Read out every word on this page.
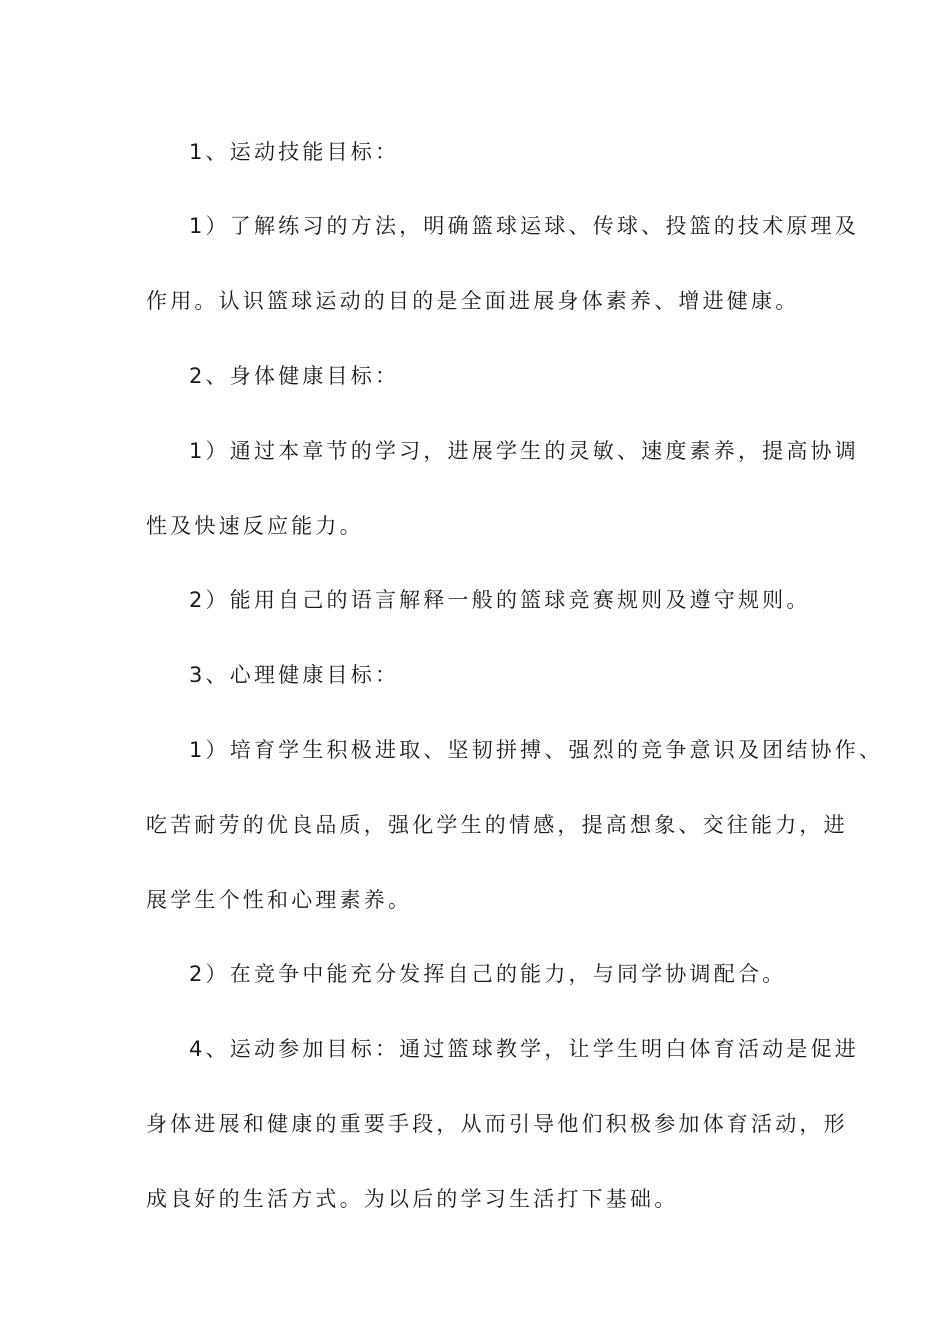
1、运动技能目标：
1）了解练习的方法，明确篮球运球、传球、投篮的技术原理及
作用。认识篮球运动的目的是全面进展身体素养、增进健康。
2、身体健康目标：
1）通过本章节的学习，进展学生的灵敏、速度素养，提高协调
性及快速反应能力。
2）能用自己的语言解释一般的篮球竞赛规则及遵守规则。
3、心理健康目标：
1）培育学生积极进取、坚韧拼搏、强烈的竞争意识及团结协作、
吃苦耐劳的优良品质，强化学生的情感，提高想象、交往能力，进
展学生个性和心理素养。
2）在竞争中能充分发挥自己的能力，与同学协调配合。
4、运动参加目标：通过篮球教学，让学生明白体育活动是促进
身体进展和健康的重要手段，从而引导他们积极参加体育活动，形
成良好的生活方式。为以后的学习生活打下基础。
